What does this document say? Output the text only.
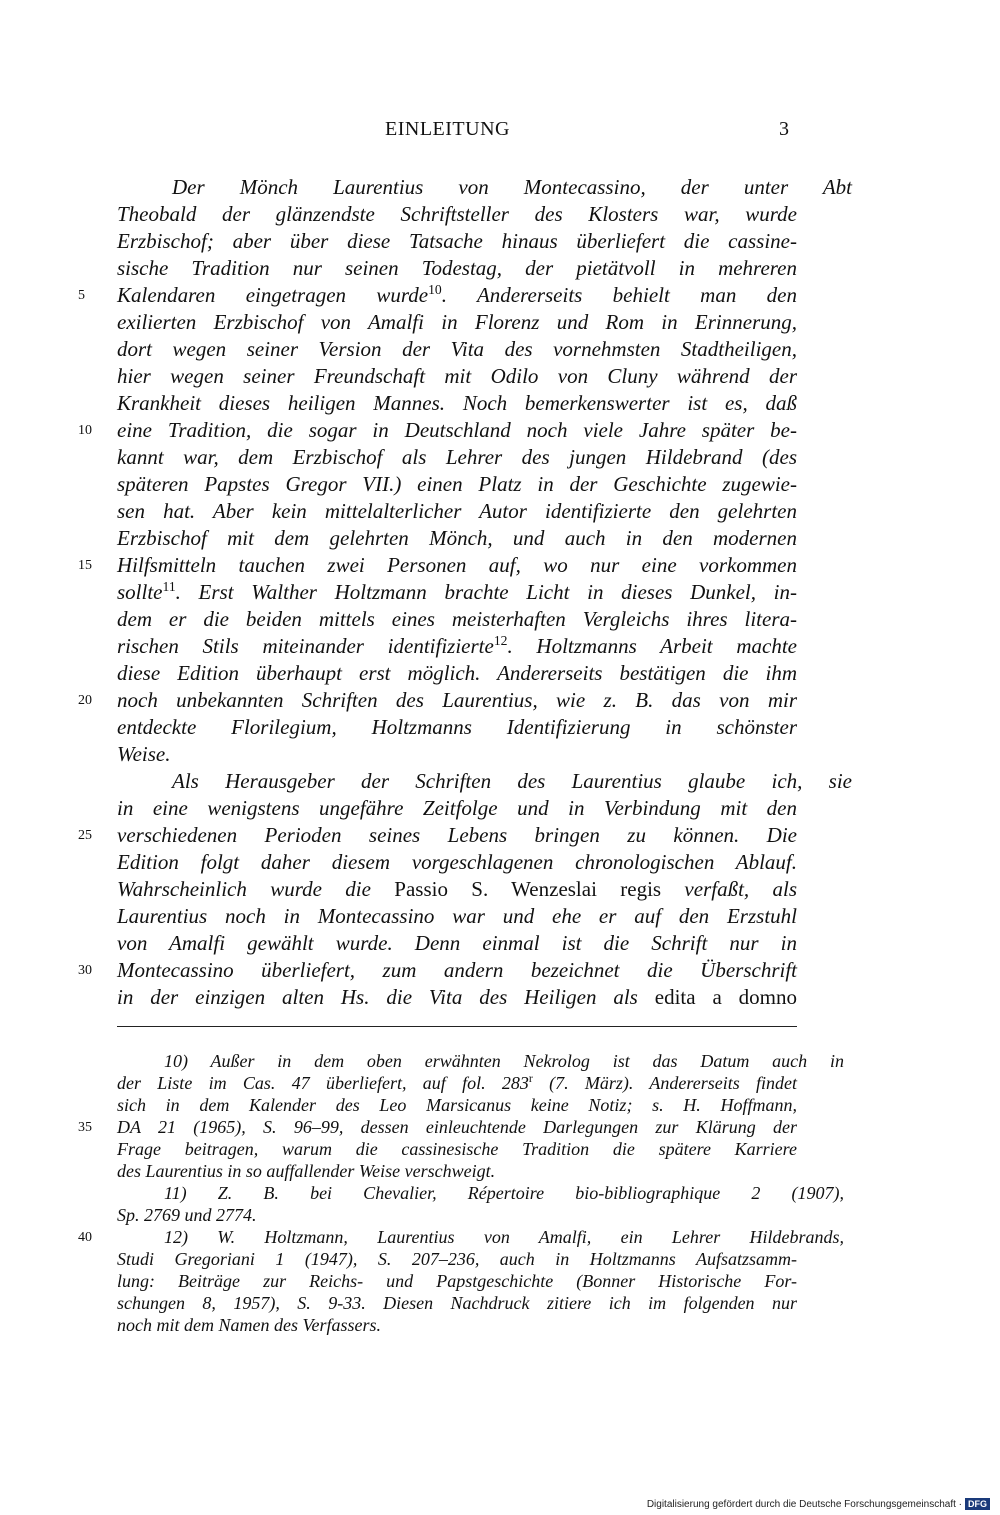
EINLEITUNG	3
Der Mönch Laurentius von Montecassino, der unter Abt
Theobald der glänzendste Schriftsteller des Klosters war, wurde
Erzbischof; aber über diese Tatsache hinaus überliefert die cassine-
sische Tradition nur seinen Todestag, der pietätvoll in mehreren
Kalendaren eingetragen wurde$^{10}$. Andererseits behielt man den
exilierten Erzbischof von Amalfi in Florenz und Rom in Erinnerung,
dort wegen seiner Version der Vita des vornehmsten Stadtheiligen,
hier wegen seiner Freundschaft mit Odilo von Cluny während der
Krankheit dieses heiligen Mannes. Noch bemerkenswerter ist es, daß
eine Tradition, die sogar in Deutschland noch viele Jahre später be-
kannt war, dem Erzbischof als Lehrer des jungen Hildebrand (des
späteren Papstes Gregor VII.) einen Platz in der Geschichte zugewie-
sen hat. Aber kein mittelalterlicher Autor identifizierte den gelehrten
Erzbischof mit dem gelehrten Mönch, und auch in den modernen
Hilfsmitteln tauchen zwei Personen auf, wo nur eine vorkommen
sollte$^{11}$. Erst Walther Holtzmann brachte Licht in dieses Dunkel, in-
dem er die beiden mittels eines meisterhaften Vergleichs ihres litera-
rischen Stils miteinander identifizierte$^{12}$. Holtzmanns Arbeit machte
diese Edition überhaupt erst möglich. Andererseits bestätigen die ihm
noch unbekannten Schriften des Laurentius, wie z. B. das von mir
entdeckte Florilegium, Holtzmanns Identifizierung in schönster
Weise.
Als Herausgeber der Schriften des Laurentius glaube ich, sie
in eine wenigstens ungefähre Zeitfolge und in Verbindung mit den
verschiedenen Perioden seines Lebens bringen zu können. Die
Edition folgt daher diesem vorgeschlagenen chronologischen Ablauf.
Wahrscheinlich wurde die Passio S. Wenzeslai regis verfaßt, als
Laurentius noch in Montecassino war und ehe er auf den Erzstuhl
von Amalfi gewählt wurde. Denn einmal ist die Schrift nur in
Montecassino überliefert, zum andern bezeichnet die Überschrift
in der einzigen alten Hs. die Vita des Heiligen als edita a domno
10) Außer in dem oben erwähnten Nekrolog ist das Datum auch in
der Liste im Cas. 47 überliefert, auf fol. 283$^r$ (7. März). Andererseits findet
sich in dem Kalender des Leo Marsicanus keine Notiz; s. H. Hoffmann,
DA 21 (1965), S. 96–99, dessen einleuchtende Darlegungen zur Klärung der
Frage beitragen, warum die cassinesische Tradition die spätere Karriere
des Laurentius in so auffallender Weise verschweigt.
11) Z. B. bei Chevalier, Répertoire bio-bibliographique 2 (1907),
Sp. 2769 und 2774.
12) W. Holtzmann, Laurentius von Amalfi, ein Lehrer Hildebrands,
Studi Gregoriani 1 (1947), S. 207–236, auch in Holtzmanns Aufsatzsamm-
lung: Beiträge zur Reichs- und Papstgeschichte (Bonner Historische For-
schungen 8, 1957), S. 9-33. Diesen Nachdruck zitiere ich im folgenden nur
noch mit dem Namen des Verfassers.
5
10
15
20
25
30
35
40
Digitalisierung gefördert durch die Deutsche Forschungsgemeinschaft · DFG
